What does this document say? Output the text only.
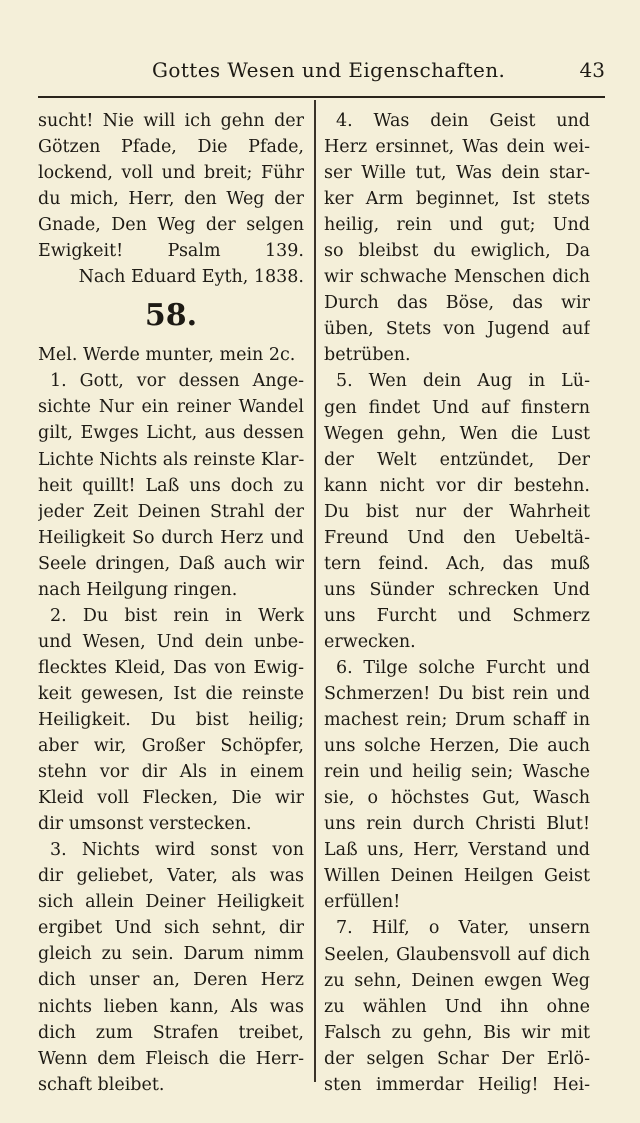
Gottes Wesen und Eigenschaften.	43
sucht! Nie will ich gehn der
Götzen Pfade, Die Pfade,
lockend, voll und breit; Führ
du mich, Herr, den Weg der
Gnade, Den Weg der selgen
Ewigkeit! Psalm 139.
Nach Eduard Eyth, 1838.
58.
Mel. Werde munter, mein 2c.
1. Gott, vor dessen Ange-
sichte Nur ein reiner Wandel
gilt, Ewges Licht, aus dessen
Lichte Nichts als reinste Klar-
heit quillt! Laß uns doch zu
jeder Zeit Deinen Strahl der
Heiligkeit So durch Herz und
Seele dringen, Daß auch wir
nach Heilgung ringen.
2. Du bist rein in Werk
und Wesen, Und dein unbe-
flecktes Kleid, Das von Ewig-
keit gewesen, Ist die reinste
Heiligkeit. Du bist heilig;
aber wir, Großer Schöpfer,
stehn vor dir Als in einem
Kleid voll Flecken, Die wir
dir umsonst verstecken.
3. Nichts wird sonst von
dir geliebet, Vater, als was
sich allein Deiner Heiligkeit
ergibet Und sich sehnt, dir
gleich zu sein. Darum nimm
dich unser an, Deren Herz
nichts lieben kann, Als was
dich zum Strafen treibet,
Wenn dem Fleisch die Herr-
schaft bleibet.
4. Was dein Geist und
Herz ersinnet, Was dein wei-
ser Wille tut, Was dein star-
ker Arm beginnet, Ist stets
heilig, rein und gut; Und
so bleibst du ewiglich, Da
wir schwache Menschen dich
Durch das Böse, das wir
üben, Stets von Jugend auf
betrüben.
5. Wen dein Aug in Lü-
gen findet Und auf finstern
Wegen gehn, Wen die Lust
der Welt entzündet, Der
kann nicht vor dir bestehn.
Du bist nur der Wahrheit
Freund Und den Uebeltä-
tern feind. Ach, das muß
uns Sünder schrecken Und
uns Furcht und Schmerz
erwecken.
6. Tilge solche Furcht und
Schmerzen! Du bist rein und
machest rein; Drum schaff in
uns solche Herzen, Die auch
rein und heilig sein; Wasche
sie, o höchstes Gut, Wasch
uns rein durch Christi Blut!
Laß uns, Herr, Verstand und
Willen Deinen Heilgen Geist
erfüllen!
7. Hilf, o Vater, unsern
Seelen, Glaubensvoll auf dich
zu sehn, Deinen ewgen Weg
zu wählen Und ihn ohne
Falsch zu gehn, Bis wir mit
der selgen Schar Der Erlö-
sten immerdar Heilig! Hei-
